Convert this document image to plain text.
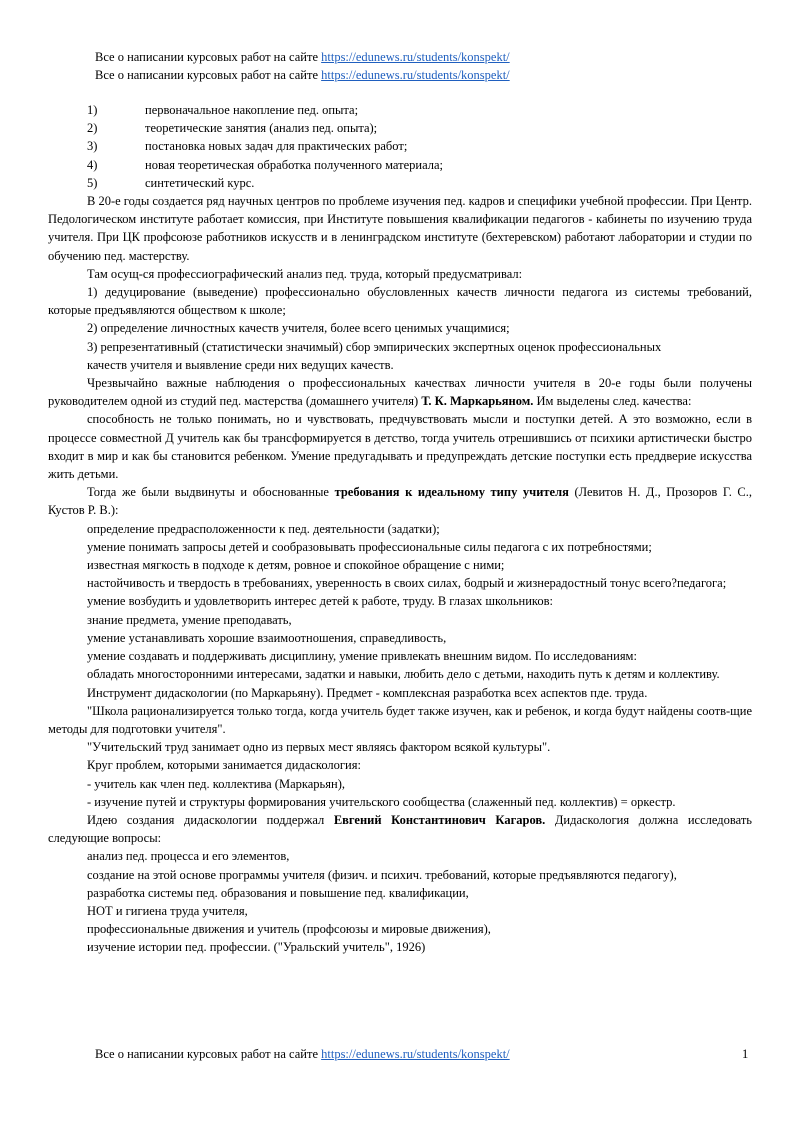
Все о написании курсовых работ на сайте https://edunews.ru/students/konspekt/
Все о написании курсовых работ на сайте https://edunews.ru/students/konspekt/
1)	первоначальное накопление пед. опыта;
2)	теоретические занятия (анализ пед. опыта);
3)	постановка новых задач для практических работ;
4)	новая теоретическая обработка полученного материала;
5)	синтетический курс.

В 20-е годы создается ряд научных центров по проблеме изучения пед. кадров и специфики учебной профессии. При Центр. Педологическом институте работает комиссия, при Институте повышения квалификации педагогов - кабинеты по изучению труда учителя. При ЦК профсоюзе работников искусств и в ленинградском институте (бехтеревском) работают лаборатории и студии по обучению пед. мастерству.

Там осущ-ся профессиографический анализ пед. труда, который предусматривал:

1) дедуцирование (выведение) профессионально обусловленных качеств личности педагога из системы требований, которые предъявляются обществом к школе;

2) определение личностных качеств учителя, более всего ценимых учащимися;

3) репрезентативный (статистически значимый) сбор эмпирических экспертных оценок профессиональных

качеств учителя и выявление среди них ведущих качеств.

Чрезвычайно важные наблюдения о профессиональных качествах личности учителя в 20-е годы были получены руководителем одной из студий пед. мастерства (домашнего учителя) Т. К. Маркарьяном. Им выделены след. качества:

способность не только понимать, но и чувствовать, предчувствовать мысли и поступки детей. А это возможно, если в процессе совместной Д учитель как бы трансформируется в детство, тогда учитель отрешившись от психики артистически быстро входит в мир и как бы становится ребенком. Умение предугадывать и предупреждать детские поступки есть преддверие искусства жить детьми.

Тогда же были выдвинуты и обоснованные требования к идеальному типу учителя (Левитов Н. Д., Прозоров Г. С., Кустов Р. В.):

определение предрасположенности к пед. деятельности (задатки);

умение понимать запросы детей и сообразовывать профессиональные силы педагога с их потребностями;

известная мягкость в подходе к детям, ровное и спокойное обращение с ними;

настойчивость и твердость в требованиях, уверенность в своих силах, бодрый и жизнерадостный тонус всего?педагога;

умение возбудить и удовлетворить интерес детей к работе, труду. В глазах школьников:

знание предмета, умение преподавать,

умение устанавливать хорошие взаимоотношения, справедливость,

умение создавать и поддерживать дисциплину, умение привлекать внешним видом. По исследованиям:

обладать многосторонними интересами, задатки и навыки, любить дело с детьми, находить путь к детям и коллективу.

Инструмент дидаскологии (по Маркарьяну). Предмет - комплексная разработка всех аспектов пде. труда.

"Школа рационализируется только тогда, когда учитель будет также изучен, как и ребенок, и когда будут найдены соотв-щие методы для подготовки учителя".

"Учительский труд занимает одно из первых мест являясь фактором всякой культуры".

Круг проблем, которыми занимается дидаскология:

- учитель как член пед. коллектива (Маркарьян),

- изучение путей и структуры формирования учительского сообщества (слаженный пед. коллектив) = оркестр.

Идею создания дидаскологии поддержал Евгений Константинович Кагаров. Дидаскология должна исследовать следующие вопросы:

анализ пед. процесса и его элементов,

создание на этой основе программы учителя (физич. и психич. требований, которые предъявляются педагогу),

разработка системы пед. образования и повышение пед. квалификации,

НОТ и гигиена труда учителя,

профессиональные движения и учитель (профсоюзы и мировые движения),

изучение истории пед. профессии. ("Уральский учитель", 1926)

Все о написании курсовых работ на сайте https://edunews.ru/students/konspekt/	1
